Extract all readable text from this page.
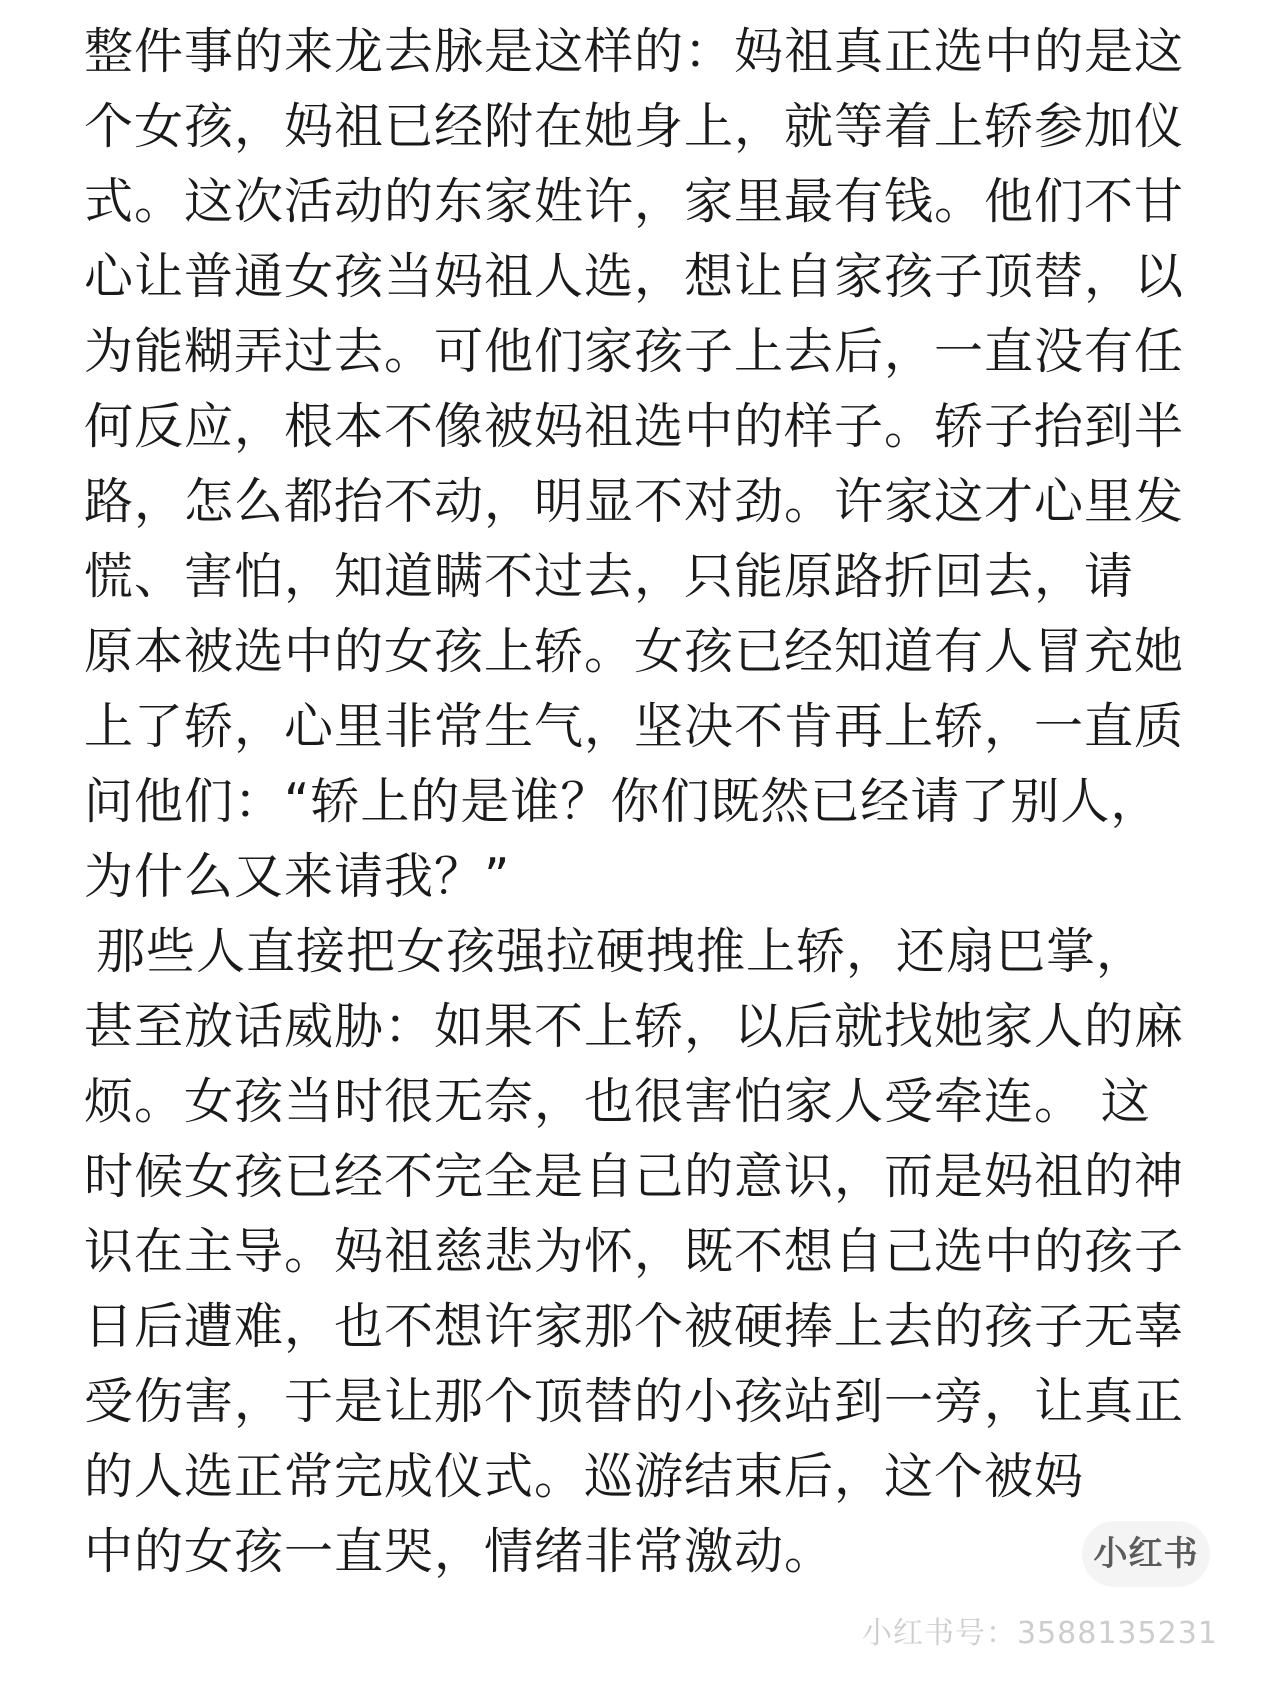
整件事的来龙去脉是这样的：妈祖真正选中的是这
个女孩，妈祖已经附在她身上，就等着上轿参加仪
式。这次活动的东家姓许，家里最有钱。他们不甘
心让普通女孩当妈祖人选，想让自家孩子顶替，以
为能糊弄过去。可他们家孩子上去后，一直没有任
何反应，根本不像被妈祖选中的样子。轿子抬到半
路，怎么都抬不动，明显不对劲。许家这才心里发
慌、害怕，知道瞒不过去，只能原路折回去，请
原本被选中的女孩上轿。女孩已经知道有人冒充她
上了轿，心里非常生气，坚决不肯再上轿，一直质
问他们：“轿上的是谁？你们既然已经请了别人，
为什么又来请我？”
那些人直接把女孩强拉硬拽推上轿，还扇巴掌，
甚至放话威胁：如果不上轿，以后就找她家人的麻
烦。女孩当时很无奈，也很害怕家人受牵连。 这
时候女孩已经不完全是自己的意识，而是妈祖的神
识在主导。妈祖慈悲为怀，既不想自己选中的孩子
日后遭难，也不想许家那个被硬捧上去的孩子无辜
受伤害，于是让那个顶替的小孩站到一旁，让真正
的人选正常完成仪式。巡游结束后，这个被妈
中的女孩一直哭，情绪非常激动。	小红书
小红书号：3588135231
